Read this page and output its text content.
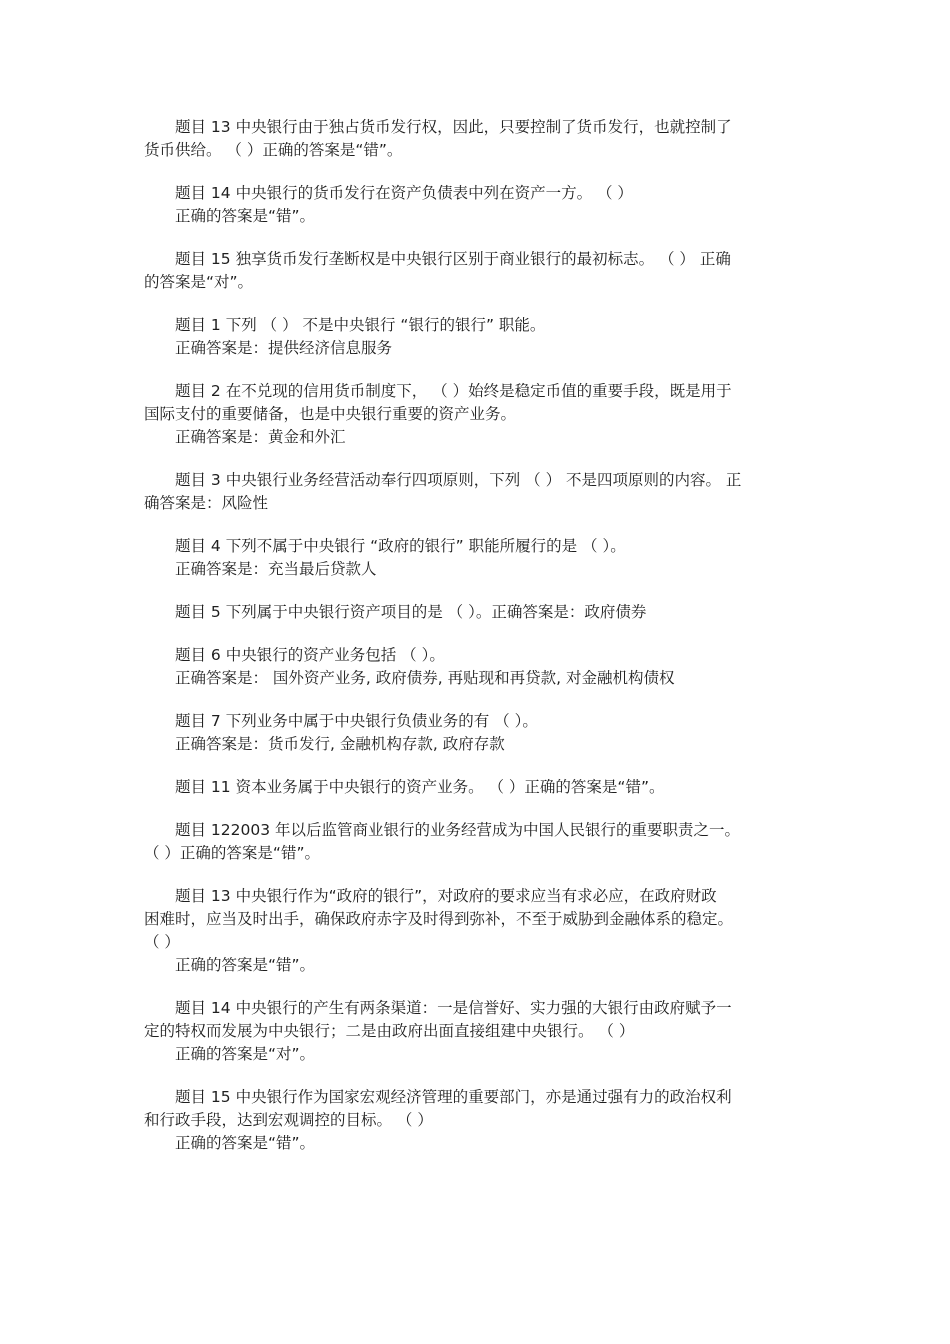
题目 13 中央银行由于独占货币发行权，因此，只要控制了货币发行，也就控制了
货币供给。 （ ）正确的答案是“错”。
题目 14 中央银行的货币发行在资产负债表中列在资产一方。 （ ）
正确的答案是“错”。
题目 15 独享货币发行垄断权是中央银行区别于商业银行的最初标志。 （ ） 正确
的答案是“对”。
题目 1 下列 （ ） 不是中央银行 “银行的银行” 职能。
正确答案是：提供经济信息服务
题目 2 在不兑现的信用货币制度下， （ ）始终是稳定币值的重要手段，既是用于
国际支付的重要储备，也是中央银行重要的资产业务。
正确答案是：黄金和外汇
题目 3 中央银行业务经营活动奉行四项原则，下列 （ ） 不是四项原则的内容。 正
确答案是：风险性
题目 4 下列不属于中央银行 “政府的银行” 职能所履行的是 （ ）。
正确答案是：充当最后贷款人
题目 5 下列属于中央银行资产项目的是 （ ）。正确答案是：政府债券
题目 6 中央银行的资产业务包括 （ ）。
正确答案是： 国外资产业务, 政府债券, 再贴现和再贷款, 对金融机构债权
题目 7 下列业务中属于中央银行负债业务的有 （ ）。
正确答案是：货币发行, 金融机构存款, 政府存款
题目 11 资本业务属于中央银行的资产业务。 （ ）正确的答案是“错”。
题目 122003 年以后监管商业银行的业务经营成为中国人民银行的重要职责之一。
（ ）正确的答案是“错”。
题目 13 中央银行作为“政府的银行”，对政府的要求应当有求必应，在政府财政
困难时，应当及时出手，确保政府赤字及时得到弥补，不至于威胁到金融体系的稳定。
（ ）
正确的答案是“错”。
题目 14 中央银行的产生有两条渠道：一是信誉好、实力强的大银行由政府赋予一
定的特权而发展为中央银行；二是由政府出面直接组建中央银行。 （ ）
正确的答案是“对”。
题目 15 中央银行作为国家宏观经济管理的重要部门，亦是通过强有力的政治权利
和行政手段，达到宏观调控的目标。 （ ）
正确的答案是“错”。
